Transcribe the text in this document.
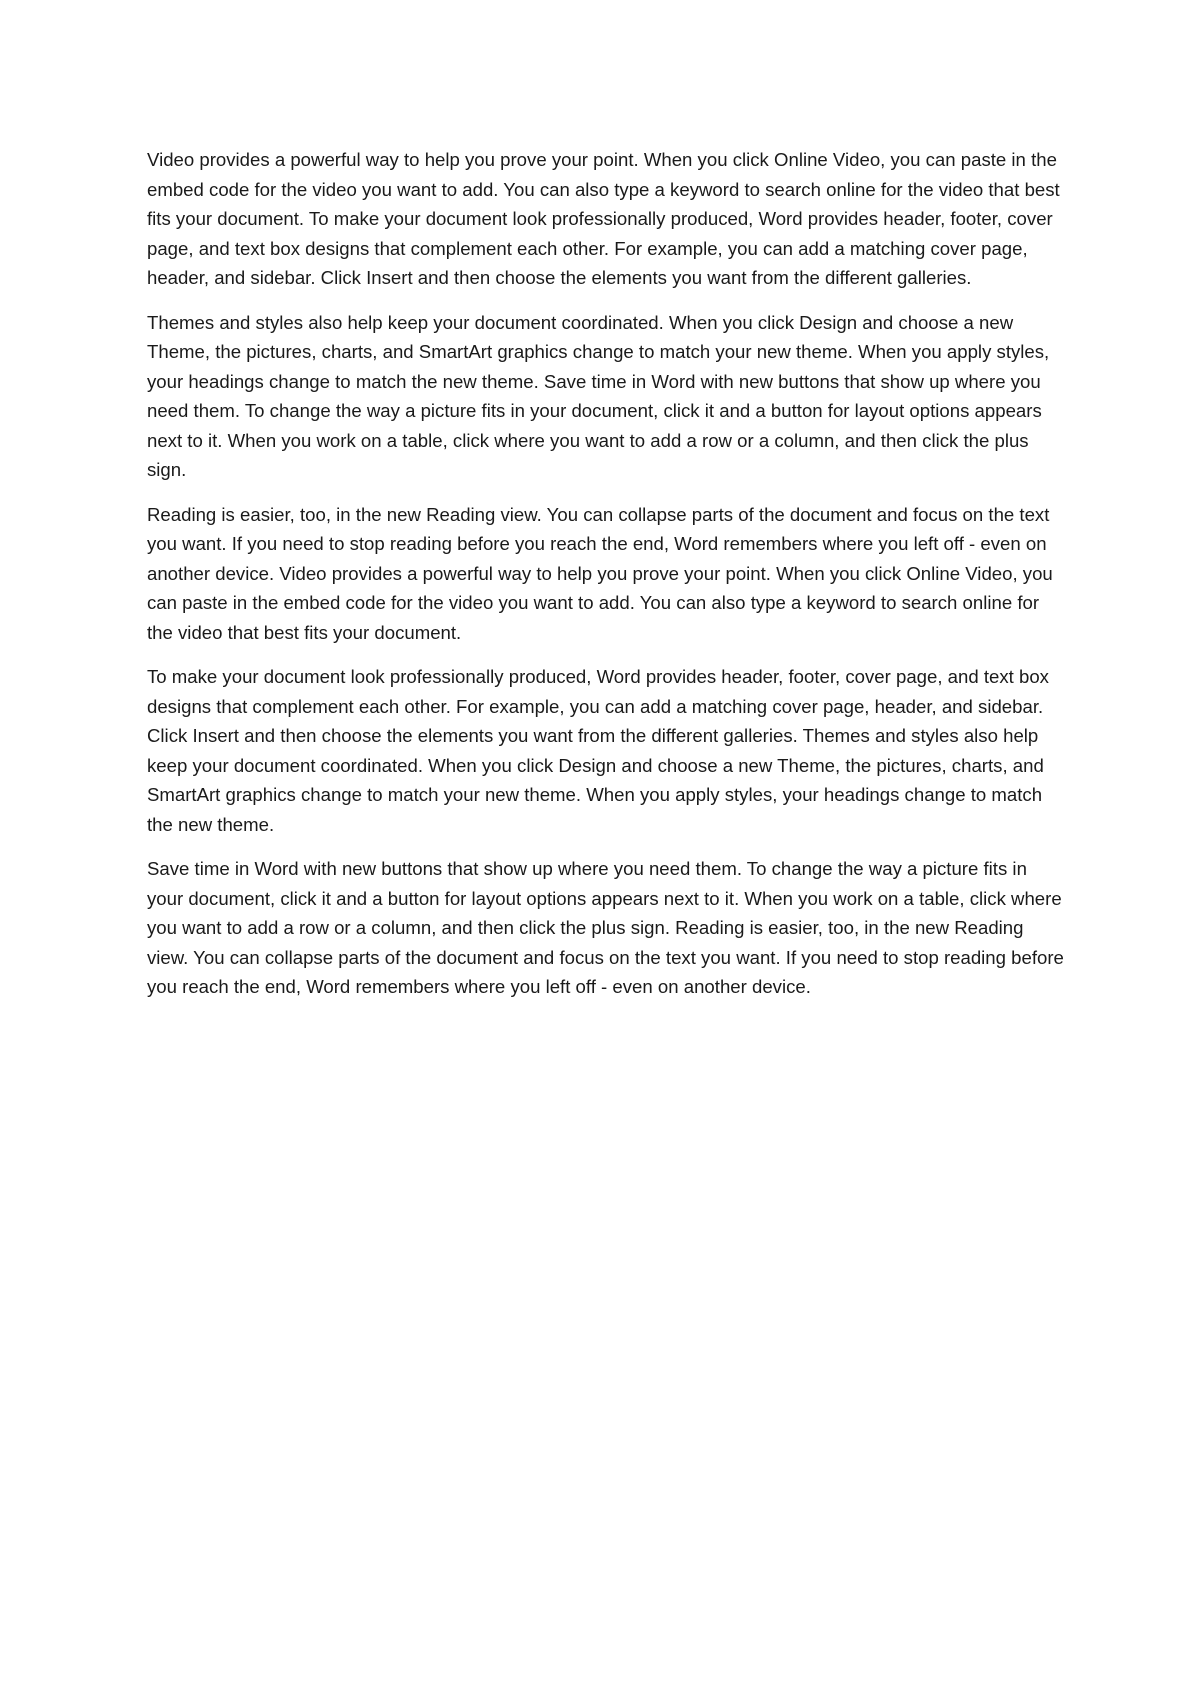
Video provides a powerful way to help you prove your point. When you click Online Video, you can paste in the embed code for the video you want to add. You can also type a keyword to search online for the video that best fits your document. To make your document look professionally produced, Word provides header, footer, cover page, and text box designs that complement each other. For example, you can add a matching cover page, header, and sidebar. Click Insert and then choose the elements you want from the different galleries.

Themes and styles also help keep your document coordinated. When you click Design and choose a new Theme, the pictures, charts, and SmartArt graphics change to match your new theme. When you apply styles, your headings change to match the new theme. Save time in Word with new buttons that show up where you need them. To change the way a picture fits in your document, click it and a button for layout options appears next to it. When you work on a table, click where you want to add a row or a column, and then click the plus sign.

Reading is easier, too, in the new Reading view. You can collapse parts of the document and focus on the text you want. If you need to stop reading before you reach the end, Word remembers where you left off - even on another device. Video provides a powerful way to help you prove your point. When you click Online Video, you can paste in the embed code for the video you want to add. You can also type a keyword to search online for the video that best fits your document.

To make your document look professionally produced, Word provides header, footer, cover page, and text box designs that complement each other. For example, you can add a matching cover page, header, and sidebar. Click Insert and then choose the elements you want from the different galleries. Themes and styles also help keep your document coordinated. When you click Design and choose a new Theme, the pictures, charts, and SmartArt graphics change to match your new theme. When you apply styles, your headings change to match the new theme.

Save time in Word with new buttons that show up where you need them. To change the way a picture fits in your document, click it and a button for layout options appears next to it. When you work on a table, click where you want to add a row or a column, and then click the plus sign. Reading is easier, too, in the new Reading view. You can collapse parts of the document and focus on the text you want. If you need to stop reading before you reach the end, Word remembers where you left off - even on another device.
